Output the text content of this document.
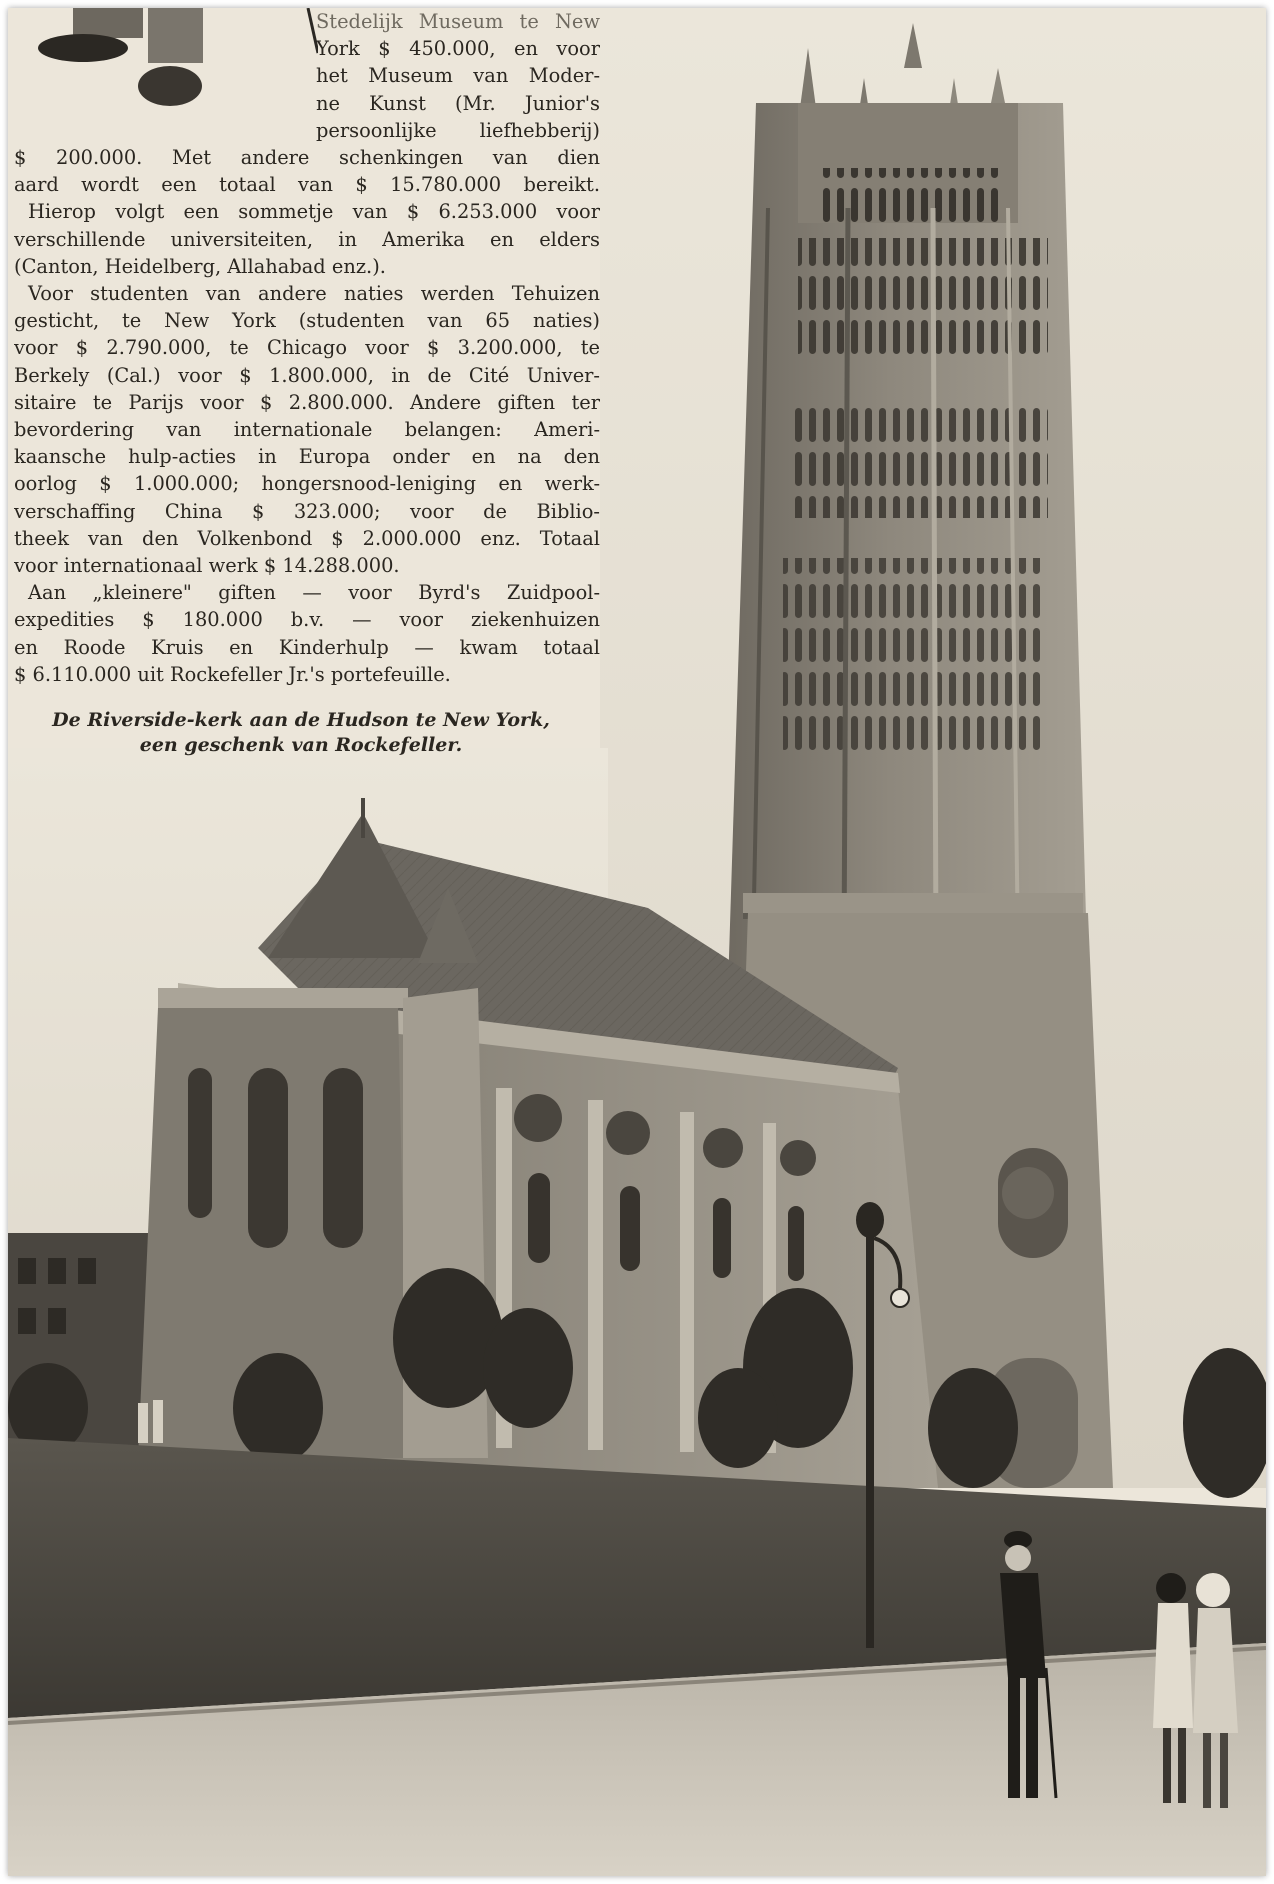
Stedelijk Museum te New
York $ 450.000, en voor
het Museum van Moder-
ne Kunst (Mr. Junior's
persoonlijke liefhebberij)
$ 200.000. Met andere schenkingen van dien
aard wordt een totaal van $ 15.780.000 bereikt.
Hierop volgt een sommetje van $ 6.253.000 voor
verschillende universiteiten, in Amerika en elders
(Canton, Heidelberg, Allahabad enz.).
Voor studenten van andere naties werden Tehuizen
gesticht, te New York (studenten van 65 naties)
voor $ 2.790.000, te Chicago voor $ 3.200.000, te
Berkely (Cal.) voor $ 1.800.000, in de Cité Univer-
sitaire te Parijs voor $ 2.800.000. Andere giften ter
bevordering van internationale belangen: Ameri-
kaansche hulp-acties in Europa onder en na den
oorlog $ 1.000.000; hongersnood-leniging en werk-
verschaffing China $ 323.000; voor de Biblio-
theek van den Volkenbond $ 2.000.000 enz. Totaal
voor internationaal werk $ 14.288.000.
Aan „kleinere" giften — voor Byrd's Zuidpool-
expedities $ 180.000 b.v. — voor ziekenhuizen
en Roode Kruis en Kinderhulp — kwam totaal
$ 6.110.000 uit Rockefeller Jr.'s portefeuille.
De Riverside-kerk aan de Hudson te New York,
een geschenk van Rockefeller.
